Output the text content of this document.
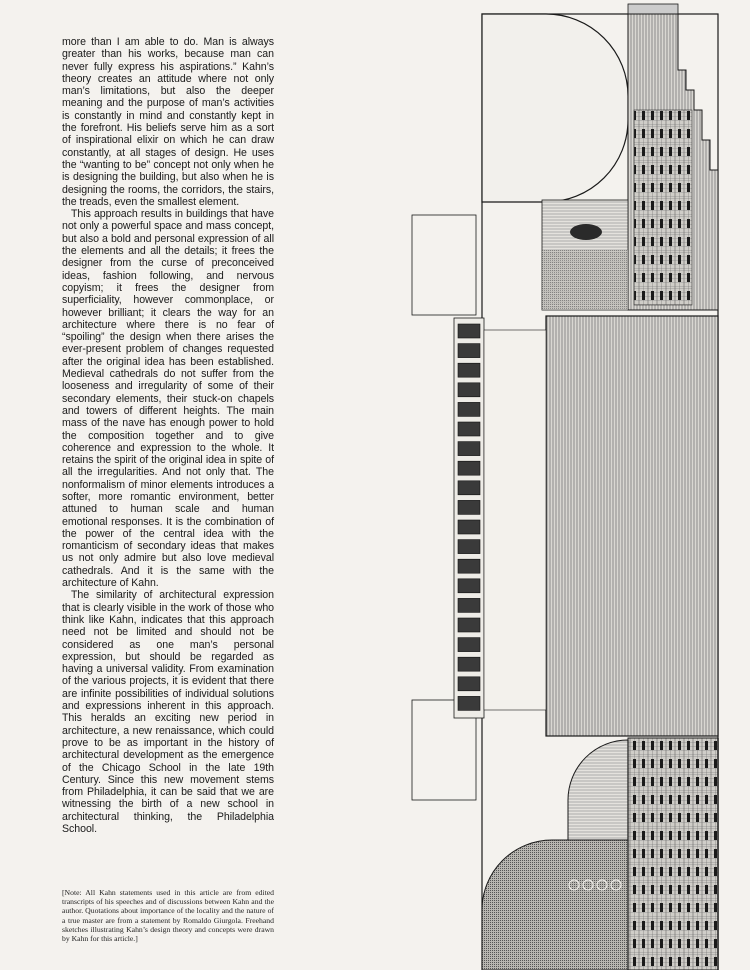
more than I am able to do. Man is always greater than his works, because man can never fully express his aspirations.” Kahn’s theory creates an attitude where not only man’s limitations, but also the deeper meaning and the purpose of man’s activities is constantly in mind and constantly kept in the forefront. His beliefs serve him as a sort of inspirational elixir on which he can draw constantly, at all stages of design. He uses the “wanting to be” concept not only when he is designing the building, but also when he is designing the rooms, the corridors, the stairs, the treads, even the smallest element.

This approach results in buildings that have not only a powerful space and mass concept, but also a bold and personal expression of all the elements and all the details; it frees the designer from the curse of preconceived ideas, fashion following, and nervous copyism; it frees the designer from superficiality, however commonplace, or however brilliant; it clears the way for an architecture where there is no fear of “spoiling” the design when there arises the ever-present problem of changes requested after the original idea has been established. Medieval cathedrals do not suffer from the looseness and irregularity of some of their secondary elements, their stuck-on chapels and towers of different heights. The main mass of the nave has enough power to hold the composition together and to give coherence and expression to the whole. It retains the spirit of the original idea in spite of all the irregularities. And not only that. The nonformalism of minor elements introduces a softer, more romantic environment, better attuned to human scale and human emotional responses. It is the combination of the power of the central idea with the romanticism of secondary ideas that makes us not only admire but also love medieval cathedrals. And it is the same with the architecture of Kahn.

The similarity of architectural expression that is clearly visible in the work of those who think like Kahn, indicates that this approach need not be limited and should not be considered as one man’s personal expression, but should be regarded as having a universal validity. From examination of the various projects, it is evident that there are infinite possibilities of individual solutions and expressions inherent in this approach. This heralds an exciting new period in architecture, a new renaissance, which could prove to be as important in the history of architectural development as the emergence of the Chicago School in the late 19th Century. Since this new movement stems from Philadelphia, it can be said that we are witnessing the birth of a new school in architectural thinking, the Philadelphia School.

[Note: All Kahn statements used in this article are from edited transcripts of his speeches and of discussions between Kahn and the author. Quotations about importance of the locality and the nature of a true master are from a statement by Romaldo Giurgola. Freehand sketches illustrating Kahn’s design theory and concepts were drawn by Kahn for this article.]
